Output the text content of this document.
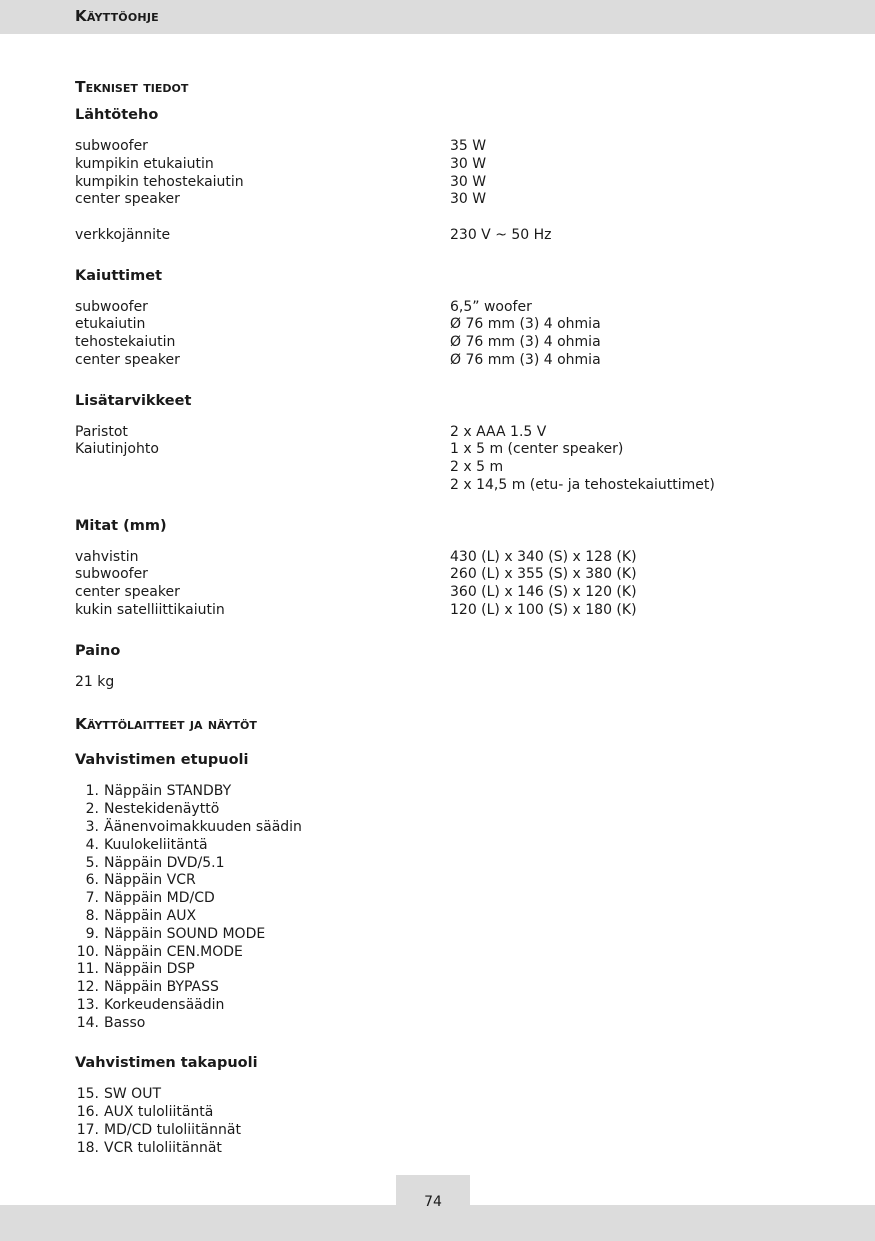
Käyttöohje
Tekniset tiedot
Lähtöteho
subwoofer	35 W
kumpikin etukaiutin	30 W
kumpikin tehostekaiutin	30 W
center speaker	30 W
verkkojännite	230 V ~ 50 Hz
Kaiuttimet
subwoofer	6,5” woofer
etukaiutin	Ø 76 mm (3) 4 ohmia
tehostekaiutin	Ø 76 mm (3) 4 ohmia
center speaker	Ø 76 mm (3) 4 ohmia
Lisätarvikkeet
Paristot	2 x AAA 1.5 V
Kaiutinjohto	1 x 5 m (center speaker)
2 x 5 m
2 x 14,5 m (etu- ja tehostekaiuttimet)
Mitat (mm)
vahvistin	430 (L) x 340 (S) x 128 (K)
subwoofer	260 (L) x 355 (S) x 380 (K)
center speaker	360 (L) x 146 (S) x 120 (K)
kukin satelliittikaiutin	120 (L) x 100 (S) x 180 (K)
Paino
21 kg
Käyttölaitteet ja näytöt
Vahvistimen etupuoli
1. Näppäin STANDBY
2. Nestekidenäyttö
3. Äänenvoimakkuuden säädin
4. Kuulokeliitäntä
5. Näppäin DVD/5.1
6. Näppäin VCR
7. Näppäin MD/CD
8. Näppäin AUX
9. Näppäin SOUND MODE
10. Näppäin CEN.MODE
11. Näppäin DSP
12. Näppäin BYPASS
13. Korkeudensäädin
14. Basso
Vahvistimen takapuoli
15. SW OUT
16. AUX tuloliitäntä
17. MD/CD tuloliitännät
18. VCR tuloliitännät
74
